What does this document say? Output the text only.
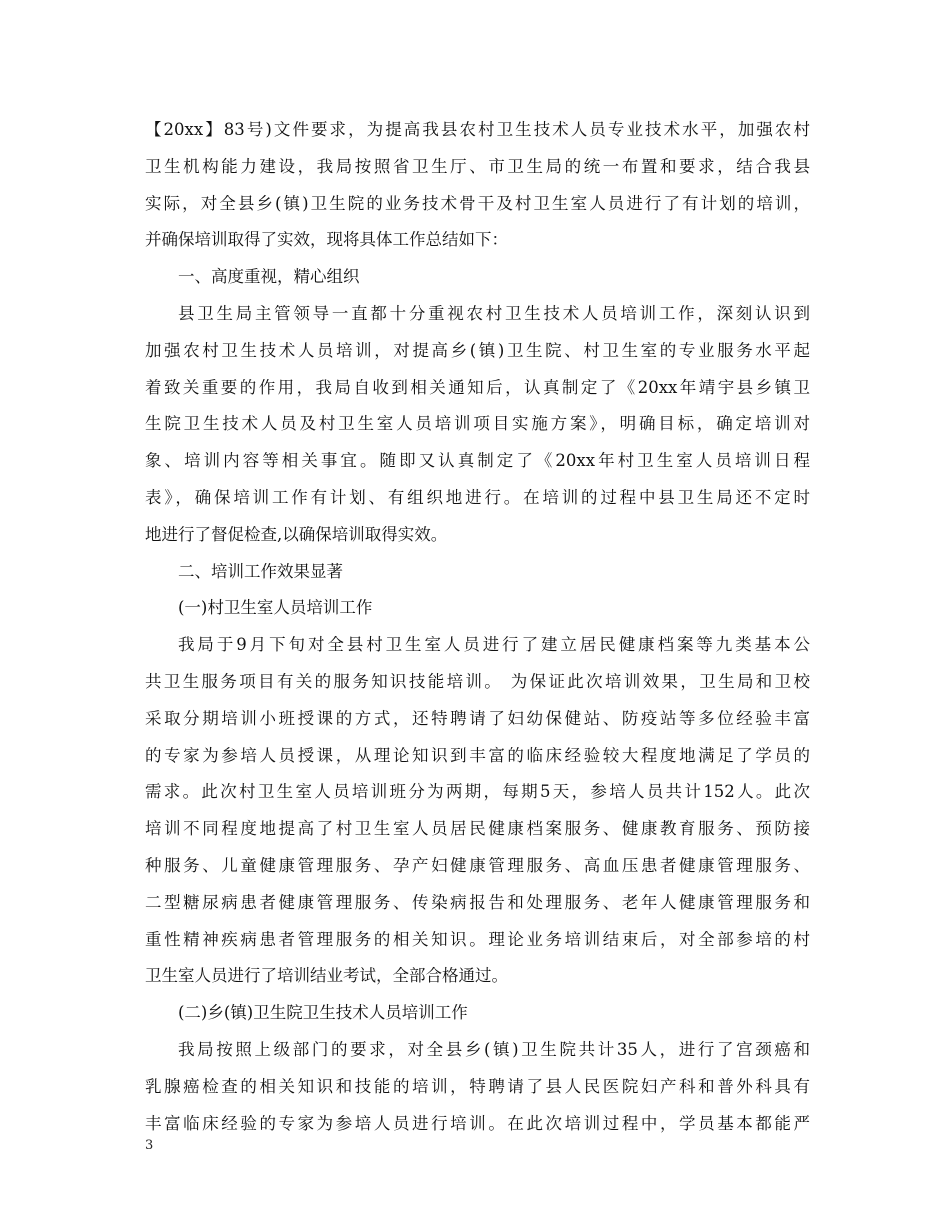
【20xx】83号)文件要求，为提高我县农村卫生技术人员专业技术水平，加强农村
卫生机构能力建设，我局按照省卫生厅、市卫生局的统一布置和要求，结合我县
实际，对全县乡(镇)卫生院的业务技术骨干及村卫生室人员进行了有计划的培训，
并确保培训取得了实效，现将具体工作总结如下：
一、高度重视，精心组织
县卫生局主管领导一直都十分重视农村卫生技术人员培训工作，深刻认识到
加强农村卫生技术人员培训，对提高乡(镇)卫生院、村卫生室的专业服务水平起
着致关重要的作用，我局自收到相关通知后，认真制定了《20xx年靖宇县乡镇卫
生院卫生技术人员及村卫生室人员培训项目实施方案》，明确目标，确定培训对
象、培训内容等相关事宜。随即又认真制定了《20xx年村卫生室人员培训日程
表》，确保培训工作有计划、有组织地进行。在培训的过程中县卫生局还不定时
地进行了督促检查,以确保培训取得实效。
二、培训工作效果显著
(一)村卫生室人员培训工作
我局于9月下旬对全县村卫生室人员进行了建立居民健康档案等九类基本公
共卫生服务项目有关的服务知识技能培训。 为保证此次培训效果，卫生局和卫校
采取分期培训小班授课的方式，还特聘请了妇幼保健站、防疫站等多位经验丰富
的专家为参培人员授课，从理论知识到丰富的临床经验较大程度地满足了学员的
需求。此次村卫生室人员培训班分为两期，每期5天，参培人员共计152人。此次
培训不同程度地提高了村卫生室人员居民健康档案服务、健康教育服务、预防接
种服务、儿童健康管理服务、孕产妇健康管理服务、高血压患者健康管理服务、
二型糖尿病患者健康管理服务、传染病报告和处理服务、老年人健康管理服务和
重性精神疾病患者管理服务的相关知识。理论业务培训结束后，对全部参培的村
卫生室人员进行了培训结业考试，全部合格通过。
(二)乡(镇)卫生院卫生技术人员培训工作
我局按照上级部门的要求，对全县乡(镇)卫生院共计35人，进行了宫颈癌和
乳腺癌检查的相关知识和技能的培训，特聘请了县人民医院妇产科和普外科具有
丰富临床经验的专家为参培人员进行培训。在此次培训过程中，学员基本都能严
3
